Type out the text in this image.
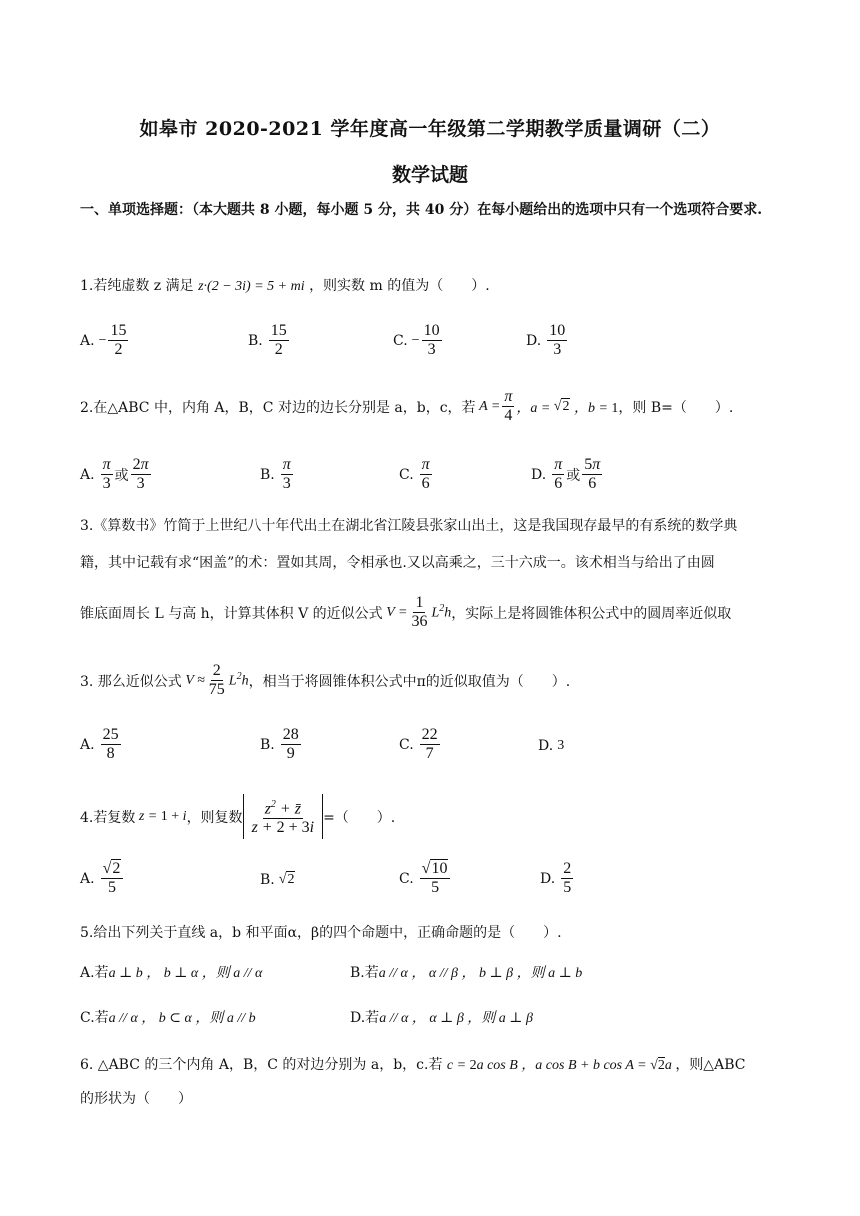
如皋市 2020-2021 学年度高一年级第二学期教学质量调研（二）
数学试题
一、单项选择题：（本大题共 8 小题，每小题 5 分，共 40 分）在每小题给出的选项中只有一个选项符合要求.
1.若纯虚数 z 满足 z·(2 − 3i) = 5 + mi ，则实数 m 的值为（　　）.
A. − $\frac{15}{2}$	B. $\frac{15}{2}$	C. − $\frac{10}{3}$	D. $\frac{10}{3}$
2.在△ABC 中，内角 A，B，C 对边的边长分别是 a，b，c，若 $A = \frac{\pi}{4}$ ，a = √2 ，b = 1 ，则 B=（　　）.
A. $\frac{\pi}{3}$ 或 $\frac{2\pi}{3}$	B. $\frac{\pi}{3}$	C. $\frac{\pi}{6}$	D. $\frac{\pi}{6}$ 或 $\frac{5\pi}{6}$
3.《算数书》竹简于上世纪八十年代出土在湖北省江陵县张家山出土，这是我国现存最早的有系统的数学典
籍，其中记载有求“困盖”的术：置如其周，令相承也.又以高乘之，三十六成一。该术相当与给出了由圆
锥底面周长 L 与高 h，计算其体积 V 的近似公式 $V = \frac{1}{36} L^2h$ ，实际上是将圆锥体积公式中的圆周率近似取
3. 那么近似公式 $V \approx \frac{2}{75} L^2h$ ，相当于将圆锥体积公式中π的近似取值为（　　）.
A. $\frac{25}{8}$	B. $\frac{28}{9}$	C. $\frac{22}{7}$	D. 3
4.若复数 z = 1 + i ，则复数 $\frac{z^2 + z̄}{z + 2 + 3i}$ =（　　）.
A. $\frac{√2}{5}$	B. √2	C. $\frac{√10}{5}$	D. $\frac{2}{5}$
5.给出下列关于直线 a，b 和平面α，β的四个命题中，正确命题的是（　　）.
A.若a ⊥ b ， b ⊥ α ，则 a // α	B.若a // α ， α // β ， b ⊥ β ，则 a ⊥ b
C.若a // α ， b ⊂ α ，则 a // b	D.若a // α ， α ⊥ β ，则 a ⊥ β
6. △ABC 的三个内角 A，B，C 的对边分别为 a，b，c.若 c = 2a cos B ，a cos B + b cos A = √2a ，则△ABC
的形状为（　　）
